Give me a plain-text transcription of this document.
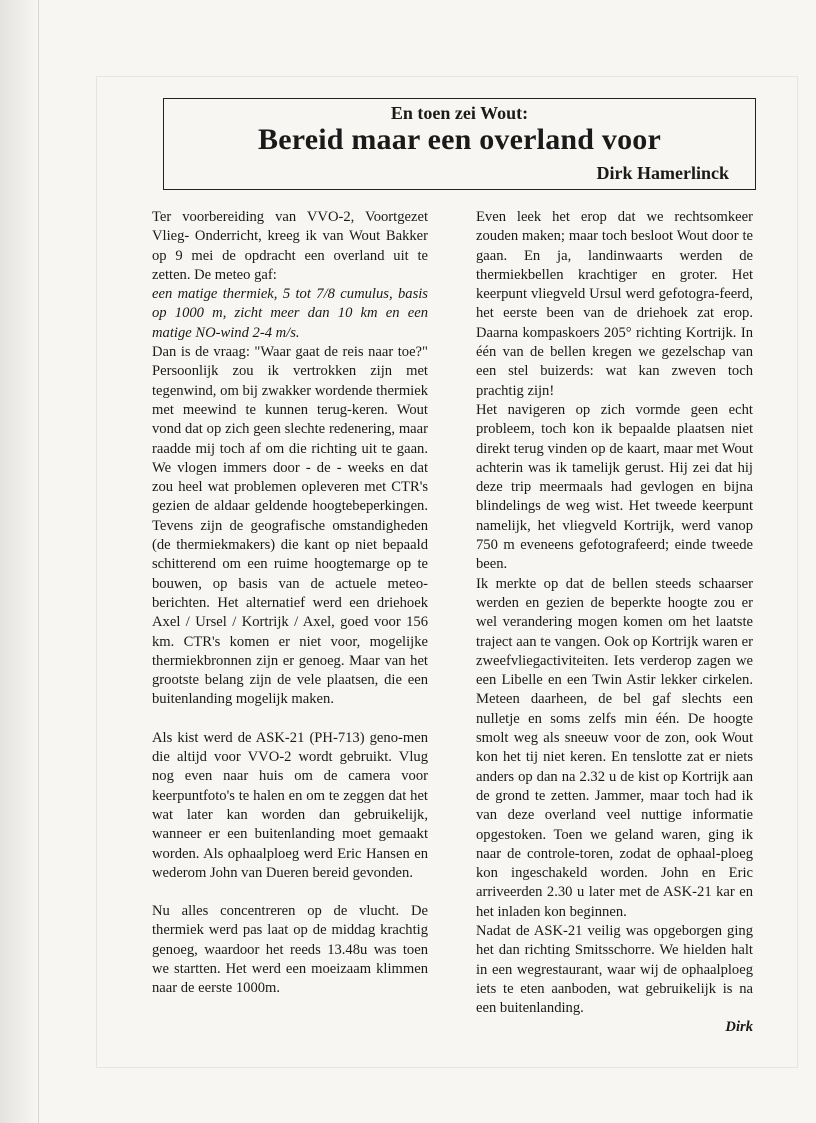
En toen zei Wout:
Bereid maar een overland voor
Dirk Hamerlinck

Ter voorbereiding van VVO-2, Voortgezet Vlieg- Onderricht, kreeg ik van Wout Bakker op 9 mei de opdracht een overland uit te zetten. De meteo gaf:

een matige thermiek, 5 tot 7/8 cumulus, basis op 1000 m, zicht meer dan 10 km en een matige NO-wind 2-4 m/s.

Dan is de vraag: "Waar gaat de reis naar toe?" Persoonlijk zou ik vertrokken zijn met tegenwind, om bij zwakker wordende thermiek met meewind te kunnen terug-keren. Wout vond dat op zich geen slechte redenering, maar raadde mij toch af om die richting uit te gaan. We vlogen immers door - de - weeks en dat zou heel wat problemen opleveren met CTR's gezien de aldaar geldende hoogtebeperkingen. Tevens zijn de geografische omstandigheden (de thermiekmakers) die kant op niet bepaald schitterend om een ruime hoogtemarge op te bouwen, op basis van de actuele meteo-berichten. Het alternatief werd een driehoek Axel / Ursel / Kortrijk / Axel, goed voor 156 km. CTR's komen er niet voor, mogelijke thermiekbronnen zijn er genoeg. Maar van het grootste belang zijn de vele plaatsen, die een buitenlanding mogelijk maken.

Als kist werd de ASK-21 (PH-713) geno-men die altijd voor VVO-2 wordt gebruikt. Vlug nog even naar huis om de camera voor keerpuntfoto's te halen en om te zeggen dat het wat later kan worden dan gebruikelijk, wanneer er een buitenlanding moet gemaakt worden. Als ophaalploeg werd Eric Hansen en wederom John van Dueren bereid gevonden.

Nu alles concentreren op de vlucht. De thermiek werd pas laat op de middag krachtig genoeg, waardoor het reeds 13.48u was toen we startten. Het werd een moeizaam klimmen naar de eerste 1000m.

Even leek het erop dat we rechtsomkeer zouden maken; maar toch besloot Wout door te gaan. En ja, landinwaarts werden de thermiekbellen krachtiger en groter. Het keerpunt vliegveld Ursul werd gefotogra-feerd, het eerste been van de driehoek zat erop. Daarna kompaskoers 205° richting Kortrijk. In één van de bellen kregen we gezelschap van een stel buizerds: wat kan zweven toch prachtig zijn!

Het navigeren op zich vormde geen echt probleem, toch kon ik bepaalde plaatsen niet direkt terug vinden op de kaart, maar met Wout achterin was ik tamelijk gerust. Hij zei dat hij deze trip meermaals had gevlogen en bijna blindelings de weg wist. Het tweede keerpunt namelijk, het vliegveld Kortrijk, werd vanop 750 m eveneens gefotografeerd; einde tweede been.

Ik merkte op dat de bellen steeds schaarser werden en gezien de beperkte hoogte zou er wel verandering mogen komen om het laatste traject aan te vangen. Ook op Kortrijk waren er zweefvliegactiviteiten. Iets verderop zagen we een Libelle en een Twin Astir lekker cirkelen. Meteen daarheen, de bel gaf slechts een nulletje en soms zelfs min één. De hoogte smolt weg als sneeuw voor de zon, ook Wout kon het tij niet keren. En tenslotte zat er niets anders op dan na 2.32 u de kist op Kortrijk aan de grond te zetten. Jammer, maar toch had ik van deze overland veel nuttige informatie opgestoken. Toen we geland waren, ging ik naar de controle-toren, zodat de ophaal-ploeg kon ingeschakeld worden. John en Eric arriveerden 2.30 u later met de ASK-21 kar en het inladen kon beginnen.

Nadat de ASK-21 veilig was opgeborgen ging het dan richting Smitsschorre. We hielden halt in een wegrestaurant, waar wij de ophaalploeg iets te eten aanboden, wat gebruikelijk is na een buitenlanding.

Dirk
